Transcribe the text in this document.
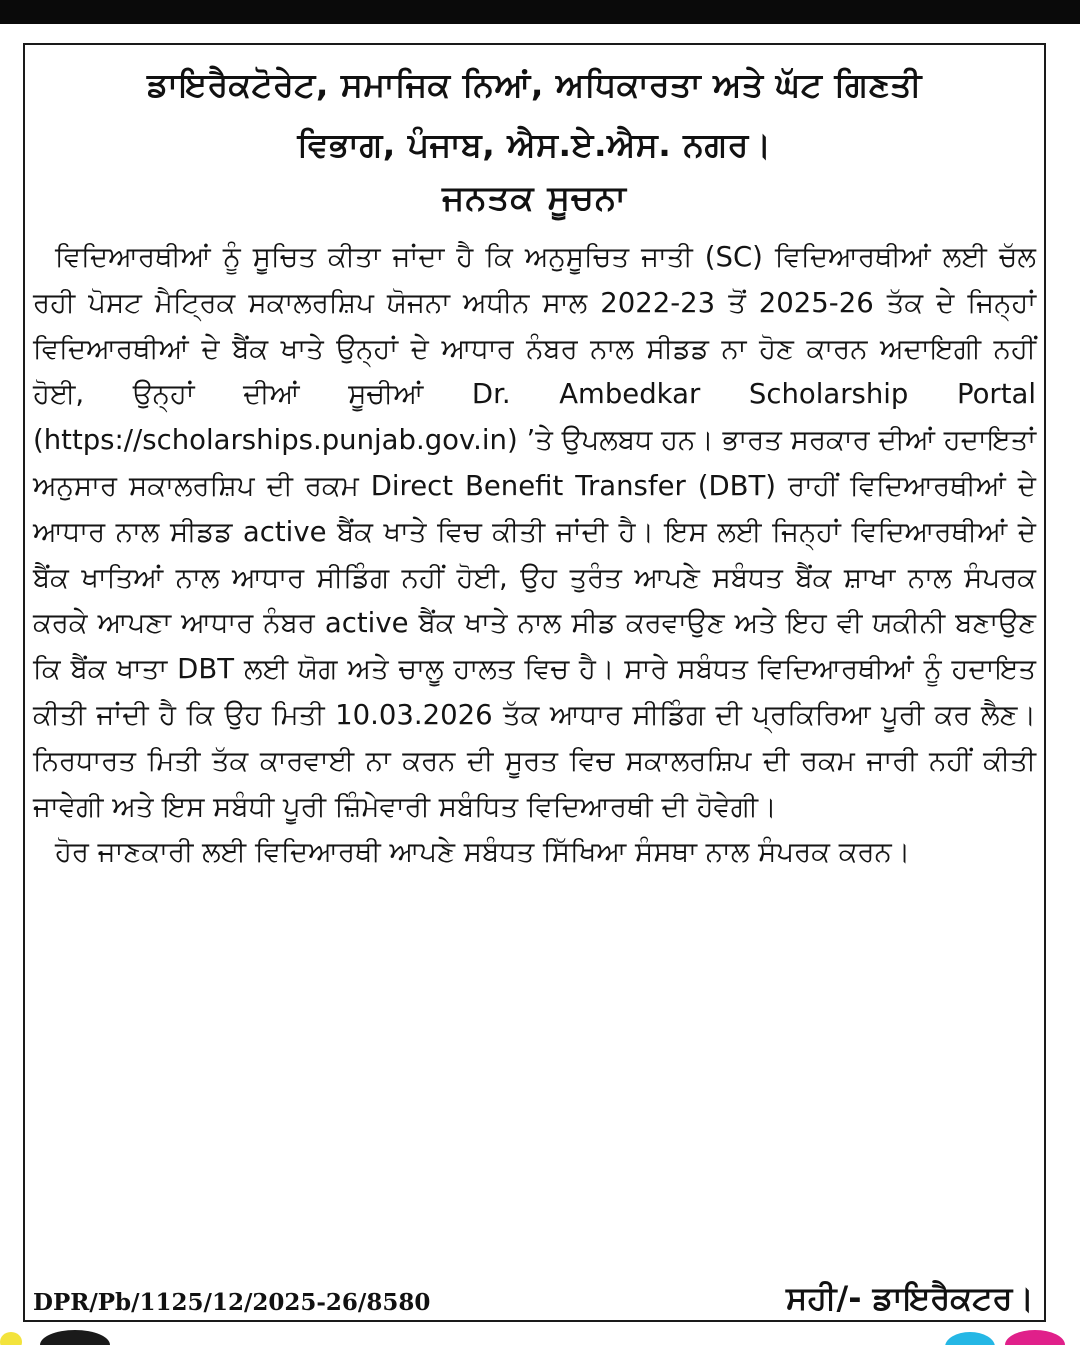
ਡਾਇਰੈਕਟੋਰੇਟ, ਸਮਾਜਿਕ ਨਿਆਂ, ਅਧਿਕਾਰਤਾ ਅਤੇ ਘੱਟ ਗਿਣਤੀ
ਵਿਭਾਗ, ਪੰਜਾਬ, ਐਸ.ਏ.ਐਸ. ਨਗਰ।
ਜਨਤਕ ਸੂਚਨਾ

ਵਿਦਿਆਰਥੀਆਂ ਨੂੰ ਸੂਚਿਤ ਕੀਤਾ ਜਾਂਦਾ ਹੈ ਕਿ ਅਨੁਸੂਚਿਤ ਜਾਤੀ (SC) ਵਿਦਿਆਰਥੀਆਂ ਲਈ ਚੱਲ ਰਹੀ ਪੋਸਟ ਮੈਟ੍ਰਿਕ ਸਕਾਲਰਸ਼ਿਪ ਯੋਜਨਾ ਅਧੀਨ ਸਾਲ 2022-23 ਤੋਂ 2025-26 ਤੱਕ ਦੇ ਜਿਨ੍ਹਾਂ ਵਿਦਿਆਰਥੀਆਂ ਦੇ ਬੈਂਕ ਖਾਤੇ ਉਨ੍ਹਾਂ ਦੇ ਆਧਾਰ ਨੰਬਰ ਨਾਲ ਸੀਡਡ ਨਾ ਹੋਣ ਕਾਰਨ ਅਦਾਇਗੀ ਨਹੀਂ ਹੋਈ, ਉਨ੍ਹਾਂ ਦੀਆਂ ਸੂਚੀਆਂ Dr. Ambedkar Scholarship Portal (https://scholarships.punjab.gov.in) ’ਤੇ ਉਪਲਬਧ ਹਨ। ਭਾਰਤ ਸਰਕਾਰ ਦੀਆਂ ਹਦਾਇਤਾਂ ਅਨੁਸਾਰ ਸਕਾਲਰਸ਼ਿਪ ਦੀ ਰਕਮ Direct Benefit Transfer (DBT) ਰਾਹੀਂ ਵਿਦਿਆਰਥੀਆਂ ਦੇ ਆਧਾਰ ਨਾਲ ਸੀਡਡ active ਬੈਂਕ ਖਾਤੇ ਵਿਚ ਕੀਤੀ ਜਾਂਦੀ ਹੈ। ਇਸ ਲਈ ਜਿਨ੍ਹਾਂ ਵਿਦਿਆਰਥੀਆਂ ਦੇ ਬੈਂਕ ਖਾਤਿਆਂ ਨਾਲ ਆਧਾਰ ਸੀਡਿੰਗ ਨਹੀਂ ਹੋਈ, ਉਹ ਤੁਰੰਤ ਆਪਣੇ ਸਬੰਧਤ ਬੈਂਕ ਸ਼ਾਖਾ ਨਾਲ ਸੰਪਰਕ ਕਰਕੇ ਆਪਣਾ ਆਧਾਰ ਨੰਬਰ active ਬੈਂਕ ਖਾਤੇ ਨਾਲ ਸੀਡ ਕਰਵਾਉਣ ਅਤੇ ਇਹ ਵੀ ਯਕੀਨੀ ਬਣਾਉਣ ਕਿ ਬੈਂਕ ਖਾਤਾ DBT ਲਈ ਯੋਗ ਅਤੇ ਚਾਲੂ ਹਾਲਤ ਵਿਚ ਹੈ। ਸਾਰੇ ਸਬੰਧਤ ਵਿਦਿਆਰਥੀਆਂ ਨੂੰ ਹਦਾਇਤ ਕੀਤੀ ਜਾਂਦੀ ਹੈ ਕਿ ਉਹ ਮਿਤੀ 10.03.2026 ਤੱਕ ਆਧਾਰ ਸੀਡਿੰਗ ਦੀ ਪ੍ਰਕਿਰਿਆ ਪੂਰੀ ਕਰ ਲੈਣ। ਨਿਰਧਾਰਤ ਮਿਤੀ ਤੱਕ ਕਾਰਵਾਈ ਨਾ ਕਰਨ ਦੀ ਸੂਰਤ ਵਿਚ ਸਕਾਲਰਸ਼ਿਪ ਦੀ ਰਕਮ ਜਾਰੀ ਨਹੀਂ ਕੀਤੀ ਜਾਵੇਗੀ ਅਤੇ ਇਸ ਸਬੰਧੀ ਪੂਰੀ ਜ਼ਿੰਮੇਵਾਰੀ ਸਬੰਧਿਤ ਵਿਦਿਆਰਥੀ ਦੀ ਹੋਵੇਗੀ।

ਹੋਰ ਜਾਣਕਾਰੀ ਲਈ ਵਿਦਿਆਰਥੀ ਆਪਣੇ ਸਬੰਧਤ ਸਿੱਖਿਆ ਸੰਸਥਾ ਨਾਲ ਸੰਪਰਕ ਕਰਨ।

DPR/Pb/1125/12/2025-26/8580	ਸਹੀ/- ਡਾਇਰੈਕਟਰ।
